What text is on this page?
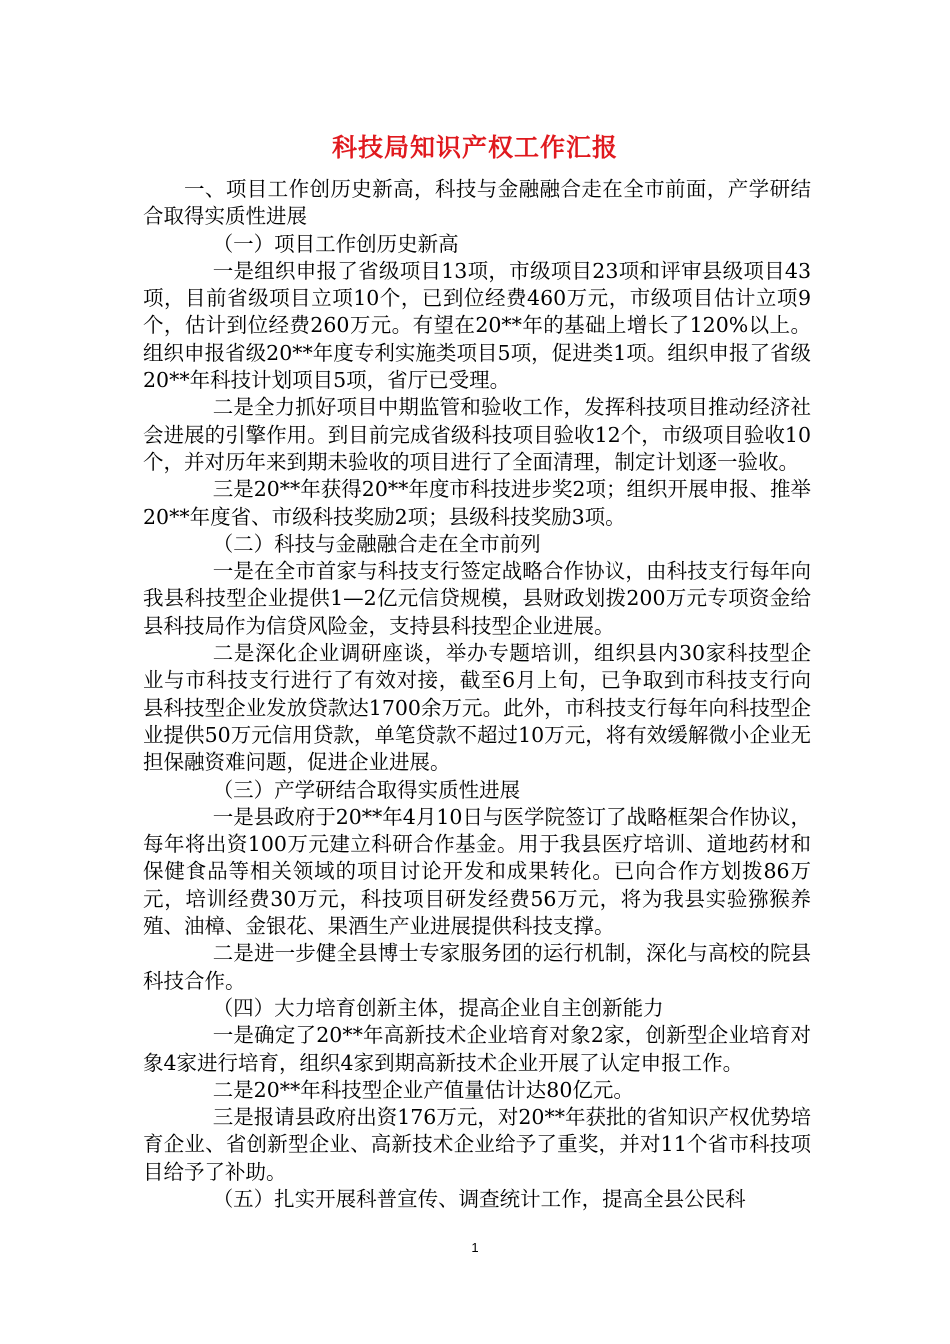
科技局知识产权工作汇报

一、项目工作创历史新高，科技与金融融合走在全市前面，产学研结合取得实质性进展

（一）项目工作创历史新高

一是组织申报了省级项目13项，市级项目23项和评审县级项目43项，目前省级项目立项10个，已到位经费460万元，市级项目估计立项9个，估计到位经费260万元。有望在20**年的基础上增长了120%以上。组织申报省级20**年度专利实施类项目5项，促进类1项。组织申报了省级20**年科技计划项目5项，省厅已受理。

二是全力抓好项目中期监管和验收工作，发挥科技项目推动经济社会进展的引擎作用。到目前完成省级科技项目验收12个，市级项目验收10个，并对历年来到期未验收的项目进行了全面清理，制定计划逐一验收。

三是20**年获得20**年度市科技进步奖2项；组织开展申报、推举20**年度省、市级科技奖励2项；县级科技奖励3项。

（二）科技与金融融合走在全市前列

一是在全市首家与科技支行签定战略合作协议，由科技支行每年向我县科技型企业提供1—2亿元信贷规模，县财政划拨200万元专项资金给县科技局作为信贷风险金，支持县科技型企业进展。

二是深化企业调研座谈，举办专题培训，组织县内30家科技型企业与市科技支行进行了有效对接，截至6月上旬，已争取到市科技支行向县科技型企业发放贷款达1700余万元。此外，市科技支行每年向科技型企业提供50万元信用贷款，单笔贷款不超过10万元，将有效缓解微小企业无担保融资难问题，促进企业进展。

（三）产学研结合取得实质性进展

一是县政府于20**年4月10日与医学院签订了战略框架合作协议，每年将出资100万元建立科研合作基金。用于我县医疗培训、道地药材和保健食品等相关领域的项目讨论开发和成果转化。已向合作方划拨86万元，培训经费30万元，科技项目研发经费56万元，将为我县实验猕猴养殖、油樟、金银花、果酒生产业进展提供科技支撑。

二是进一步健全县博士专家服务团的运行机制，深化与高校的院县科技合作。

（四）大力培育创新主体，提高企业自主创新能力

一是确定了20**年高新技术企业培育对象2家，创新型企业培育对象4家进行培育，组织4家到期高新技术企业开展了认定申报工作。

二是20**年科技型企业产值量估计达80亿元。

三是报请县政府出资176万元，对20**年获批的省知识产权优势培育企业、省创新型企业、高新技术企业给予了重奖，并对11个省市科技项目给予了补助。

（五）扎实开展科普宣传、调查统计工作，提高全县公民科

1
